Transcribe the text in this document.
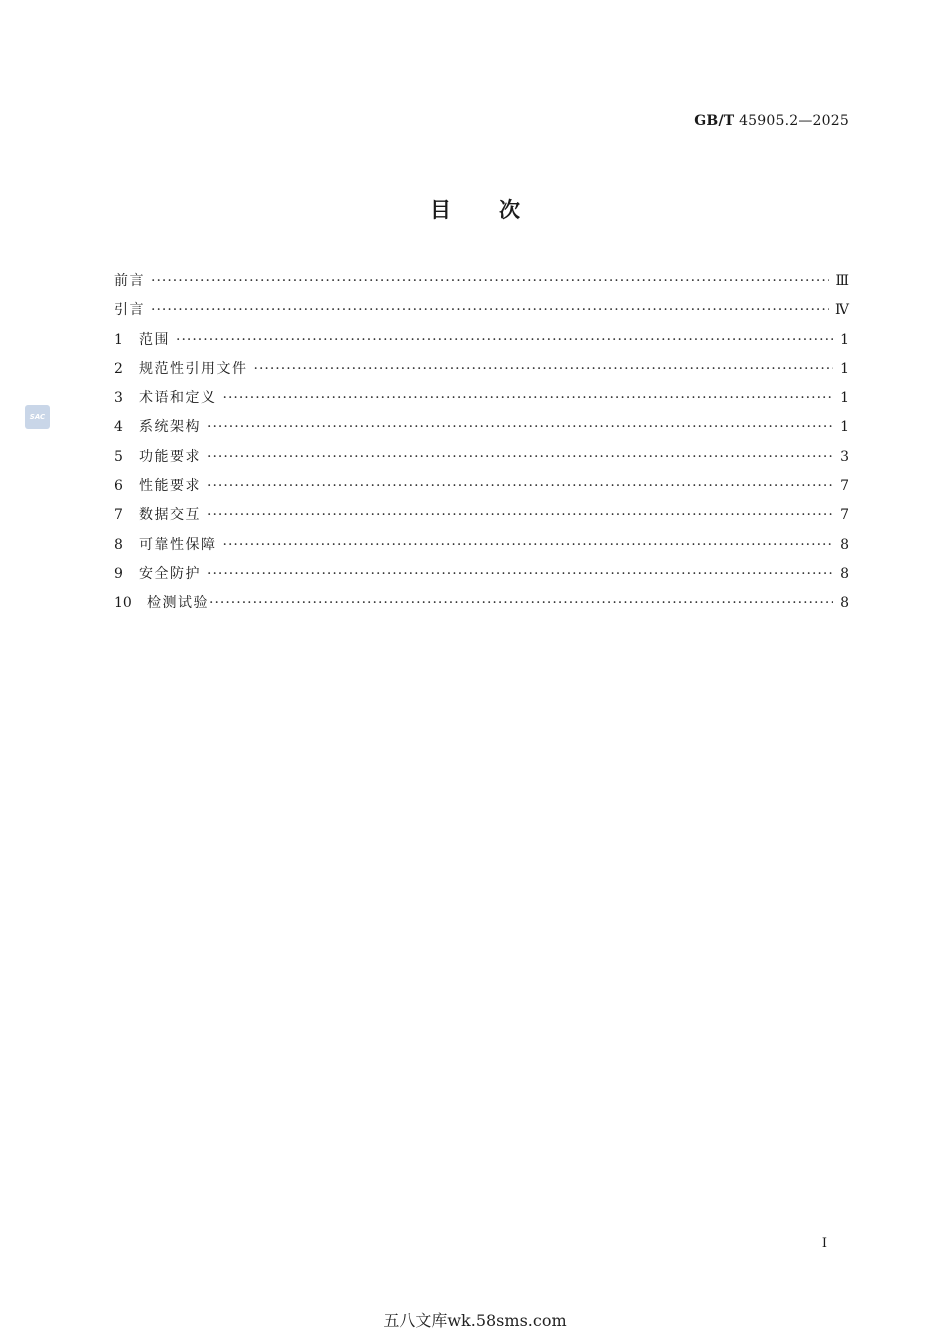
GB/T 45905.2—2025
目次
SAC
前言 ·····	Ⅲ
引言 ·····	Ⅳ
1	范围 ·····	1
2	规范性引用文件 ·····	1
3	术语和定义 ·····	1
4	系统架构 ·····	1
5	功能要求 ·····	3
6	性能要求 ·····	7
7	数据交互 ·····	7
8	可靠性保障 ·····	8
9	安全防护 ·····	8
10	检测试验 ·····	8
I
五八文库wk.58sms.com
